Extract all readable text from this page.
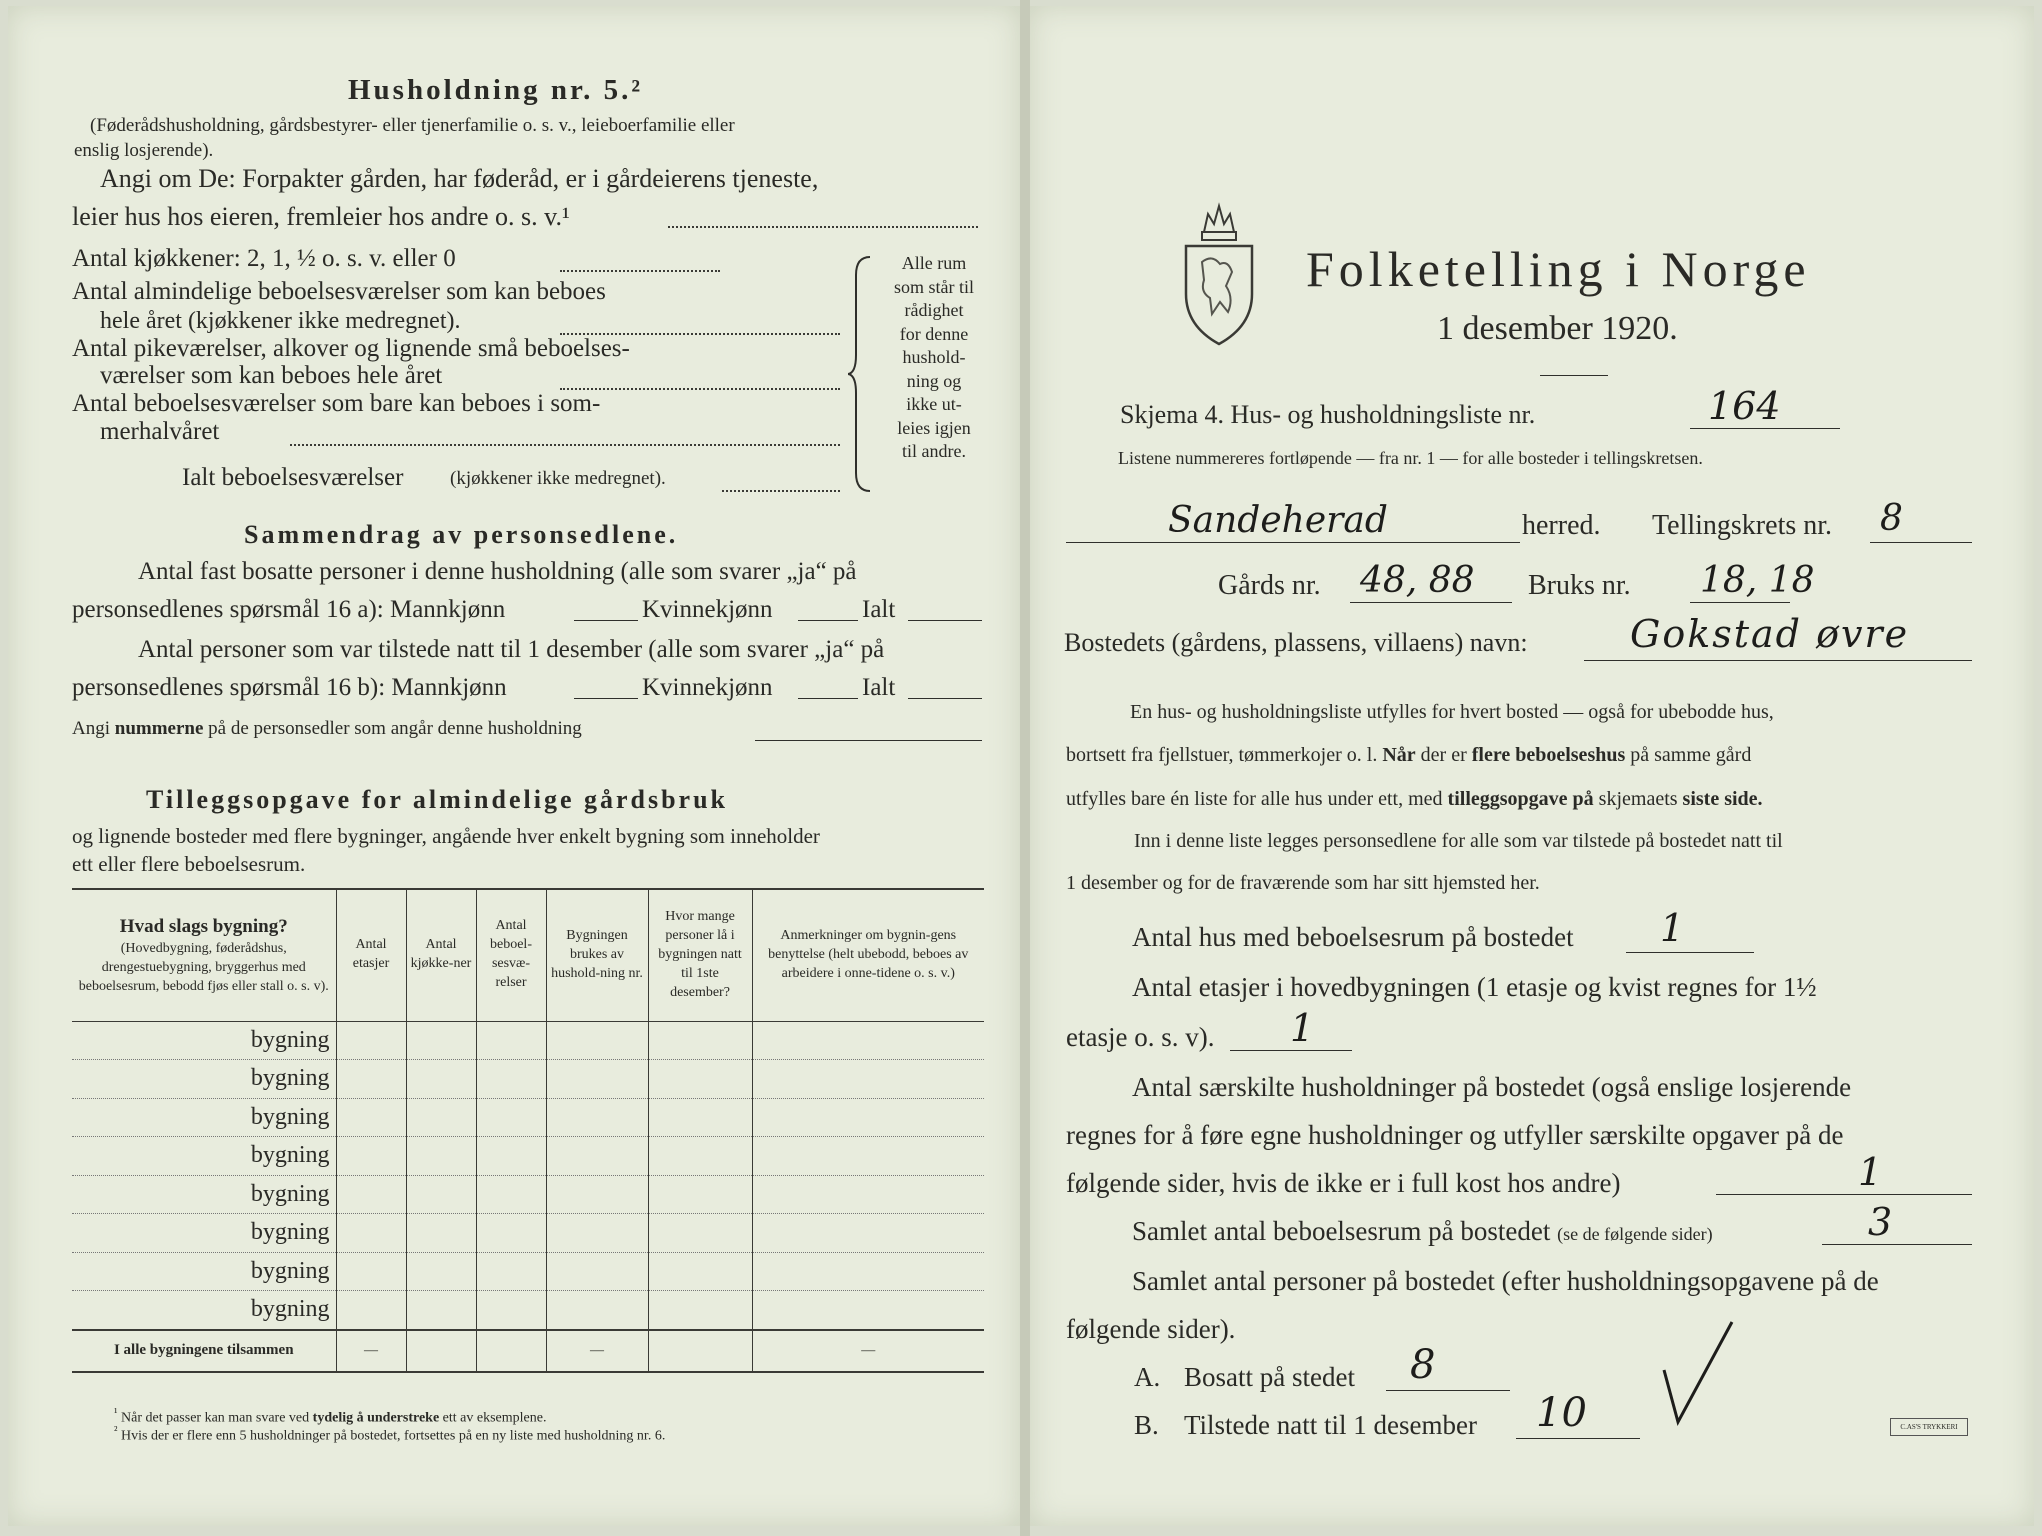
Husholdning nr. 5.²
(Føderådshusholdning, gårdsbestyrer- eller tjenerfamilie o. s. v., leieboerfamilie eller
enslig losjerende).
Angi om De: Forpakter gården, har føderåd, er i gårdeierens tjeneste,
leier hus hos eieren, fremleier hos andre o. s. v.¹
Antal kjøkkener: 2, 1, ½ o. s. v. eller 0
Antal almindelige beboelsesværelser som kan beboes
hele året (kjøkkener ikke medregnet).
Antal pikeværelser, alkover og lignende små beboelses-
værelser som kan beboes hele året
Antal beboelsesværelser som bare kan beboes i som-
merhalvåret
Ialt beboelsesværelser (kjøkkener ikke medregnet).
Alle rum
som står til
rådighet
for denne
hushold-
ning og
ikke ut-
leies igjen
til andre.
Sammendrag av personsedlene.
Antal fast bosatte personer i denne husholdning (alle som svarer „ja“ på
personsedlenes spørsmål 16 a): Mannkjønn	Kvinnekjønn	Ialt
Antal personer som var tilstede natt til 1 desember (alle som svarer „ja“ på
personsedlenes spørsmål 16 b): Mannkjønn	Kvinnekjønn	Ialt
Angi nummerne på de personsedler som angår denne husholdning
Tilleggsopgave for almindelige gårdsbruk
og lignende bosteder med flere bygninger, angående hver enkelt bygning som inneholder
ett eller flere beboelsesrum.
Hvad slags bygning?
(Hovedbygning, føderådshus, drengestuebygning, bryggerhus med beboelsesrum, bebodd fjøs eller stall o. s. v).	Antal etasjer	Antal kjøkke-ner	Antal beboel-sesvæ-relser	Bygningen brukes av hushold-ning nr.	Hvor mange personer lå i bygningen natt til 1ste desember?	Anmerkninger om bygnin-gens benyttelse (helt ubebodd, beboes av arbeidere i onne-tidene o. s. v.)
bygning						
bygning						
bygning						
bygning						
bygning						
bygning						
bygning						
bygning						
I alle bygningene tilsammen	—			—		—
$^{^1}$ Når det passer kan man svare ved tydelig å understreke ett av eksemplene.
$^{^2}$ Hvis der er flere enn 5 husholdninger på bostedet, fortsettes på en ny liste med husholdning nr. 6.
Folketelling i Norge
1 desember 1920.
Skjema 4. Hus- og husholdningsliste nr.	164
Listene nummereres fortløpende — fra nr. 1 — for alle bosteder i tellingskretsen.
Sandeherad	herred. Tellingskrets nr. 8
Gårds nr. 48, 88 Bruks nr. 18, 18
Bostedets (gårdens, plassens, villaens) navn:	Gokstad øvre
En hus- og husholdningsliste utfylles for hvert bosted — også for ubebodde hus,
bortsett fra fjellstuer, tømmerkojer o. l. Når der er flere beboelseshus på samme gård
utfylles bare én liste for alle hus under ett, med tilleggsopgave på skjemaets siste side.
Inn i denne liste legges personsedlene for alle som var tilstede på bostedet natt til
1 desember og for de fraværende som har sitt hjemsted her.
Antal hus med beboelsesrum på bostedet 1
Antal etasjer i hovedbygningen (1 etasje og kvist regnes for 1½
etasje o. s. v). 1
Antal særskilte husholdninger på bostedet (også enslige losjerende
regnes for å føre egne husholdninger og utfyller særskilte opgaver på de
følgende sider, hvis de ikke er i full kost hos andre)	1
Samlet antal beboelsesrum på bostedet (se de følgende sider)	3
Samlet antal personer på bostedet (efter husholdningsopgavene på de
følgende sider).
A. Bosatt på stedet 8
B. Tilstede natt til 1 desember 10	C.AS'S TRYKKERI
